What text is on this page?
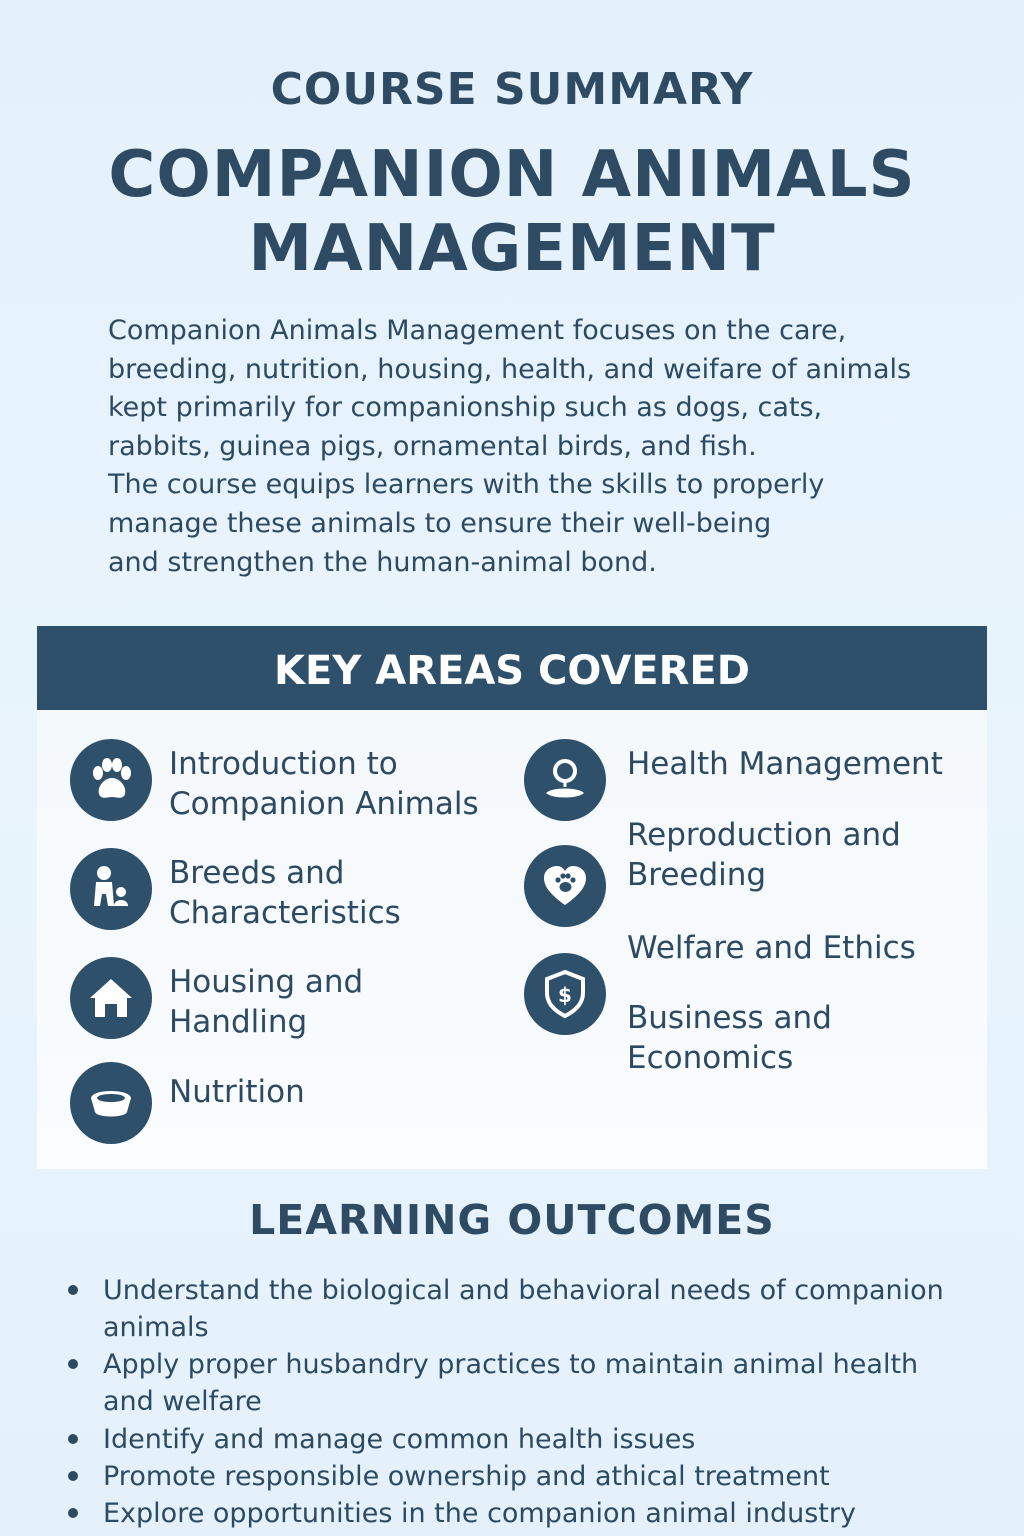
COURSE SUMMARY
COMPANION ANIMALS
MANAGEMENT
Companion Animals Management focuses on the care,
breeding, nutrition, housing, health, and weifare of animals
kept primarily for companionship such as dogs, cats,
rabbits, guinea pigs, ornamental birds, and fish.
The course equips learners with the skills to properly
manage these animals to ensure their well-being
and strengthen the human-animal bond.
KEY AREAS COVERED
Introduction to
Companion Animals
Breeds and
Characteristics
Housing and
Handling
Nutrition
Health Management
Reproduction and
Breeding
Welfare and Ethics
$
Business and
Economics
LEARNING OUTCOMES
Understand the biological and behavioral needs of companion
animals
Apply proper husbandry practices to maintain animal health
and welfare
Identify and manage common health issues
Promote responsible ownership and athical treatment
Explore opportunities in the companion animal industry
